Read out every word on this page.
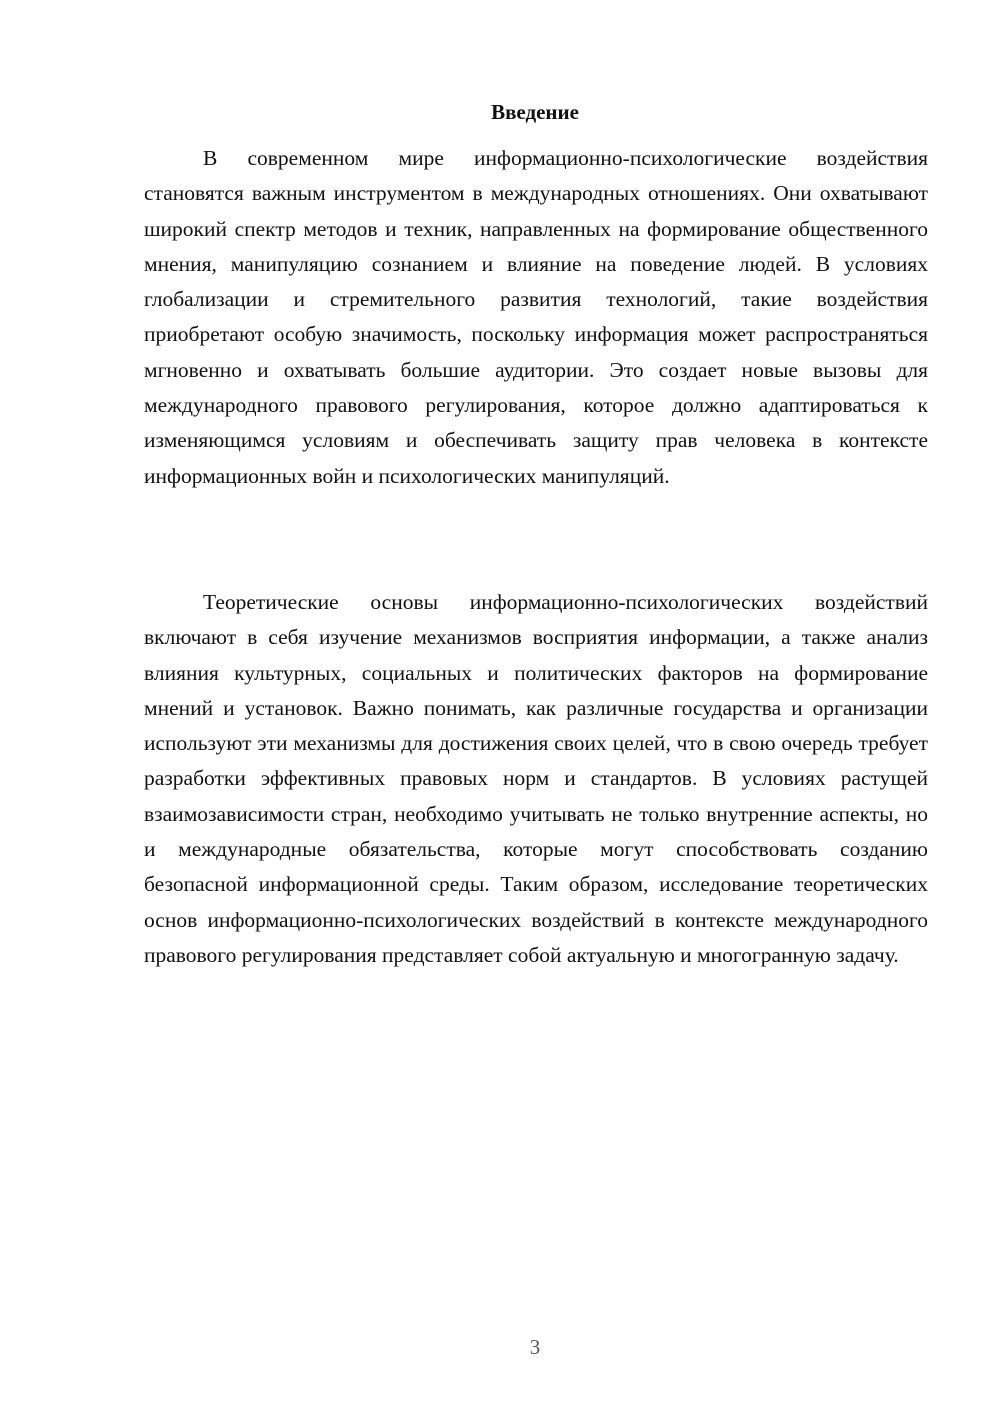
Введение

В современном мире информационно-психологические воздействия становятся важным инструментом в международных отношениях. Они охватывают широкий спектр методов и техник, направленных на формирование общественного мнения, манипуляцию сознанием и влияние на поведение людей. В условиях глобализации и стремительного развития технологий, такие воздействия приобретают особую значимость, поскольку информация может распространяться мгновенно и охватывать большие аудитории. Это создает новые вызовы для международного правового регулирования, которое должно адаптироваться к изменяющимся условиям и обеспечивать защиту прав человека в контексте информационных войн и психологических манипуляций.

Теоретические основы информационно-психологических воздействий включают в себя изучение механизмов восприятия информации, а также анализ влияния культурных, социальных и политических факторов на формирование мнений и установок. Важно понимать, как различные государства и организации используют эти механизмы для достижения своих целей, что в свою очередь требует разработки эффективных правовых норм и стандартов. В условиях растущей взаимозависимости стран, необходимо учитывать не только внутренние аспекты, но и международные обязательства, которые могут способствовать созданию безопасной информационной среды. Таким образом, исследование теоретических основ информационно-психологических воздействий в контексте международного правового регулирования представляет собой актуальную и многогранную задачу.

3
